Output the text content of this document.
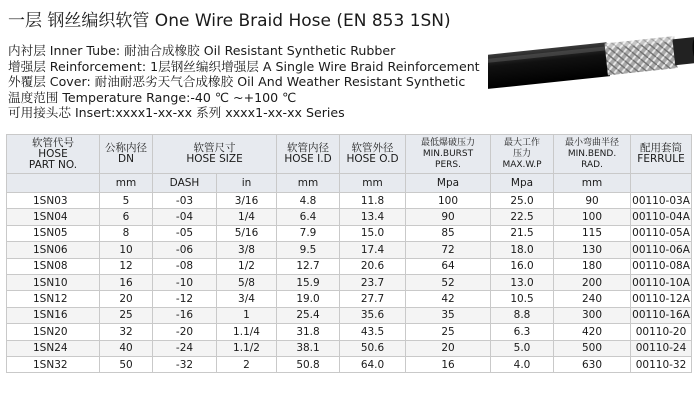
一层 钢丝编织软管 One Wire Braid Hose (EN 853 1SN)
内衬层 Inner Tube: 耐油合成橡胶 Oil Resistant Synthetic Rubber
增强层 Reinforcement: 1层钢丝编织增强层 A Single Wire Braid Reinforcement
外覆层 Cover: 耐油耐恶劣天气合成橡胶 Oil And Weather Resistant Synthetic
温度范围 Temperature Range:-40 ℃ ~+100 ℃
可用接头芯 Insert:xxxx1-xx-xx 系列 xxxx1-xx-xx Series
软管代号
HOSE
PART NO.	公称内径
DN	软管尺寸
HOSE SIZE		软管内径
HOSE I.D	软管外径
HOSE O.D	最低爆破压力
MIN.BURST
PERS.	最大工作
压力
MAX.W.P	最小弯曲半径
MIN.BEND.
RAD.	配用套筒
FERRULE

	mm	DASH	in	mm	mm	Mpa	Mpa	mm	
1SN03	5	-03	3/16	4.8	11.8	100	25.0	90	00110-03A
1SN04	6	-04	1/4	6.4	13.4	90	22.5	100	00110-04A
1SN05	8	-05	5/16	7.9	15.0	85	21.5	115	00110-05A
1SN06	10	-06	3/8	9.5	17.4	72	18.0	130	00110-06A
1SN08	12	-08	1/2	12.7	20.6	64	16.0	180	00110-08A
1SN10	16	-10	5/8	15.9	23.7	52	13.0	200	00110-10A
1SN12	20	-12	3/4	19.0	27.7	42	10.5	240	00110-12A
1SN16	25	-16	1	25.4	35.6	35	8.8	300	00110-16A
1SN20	32	-20	1.1/4	31.8	43.5	25	6.3	420	00110-20
1SN24	40	-24	1.1/2	38.1	50.6	20	5.0	500	00110-24
1SN32	50	-32	2	50.8	64.0	16	4.0	630	00110-32
